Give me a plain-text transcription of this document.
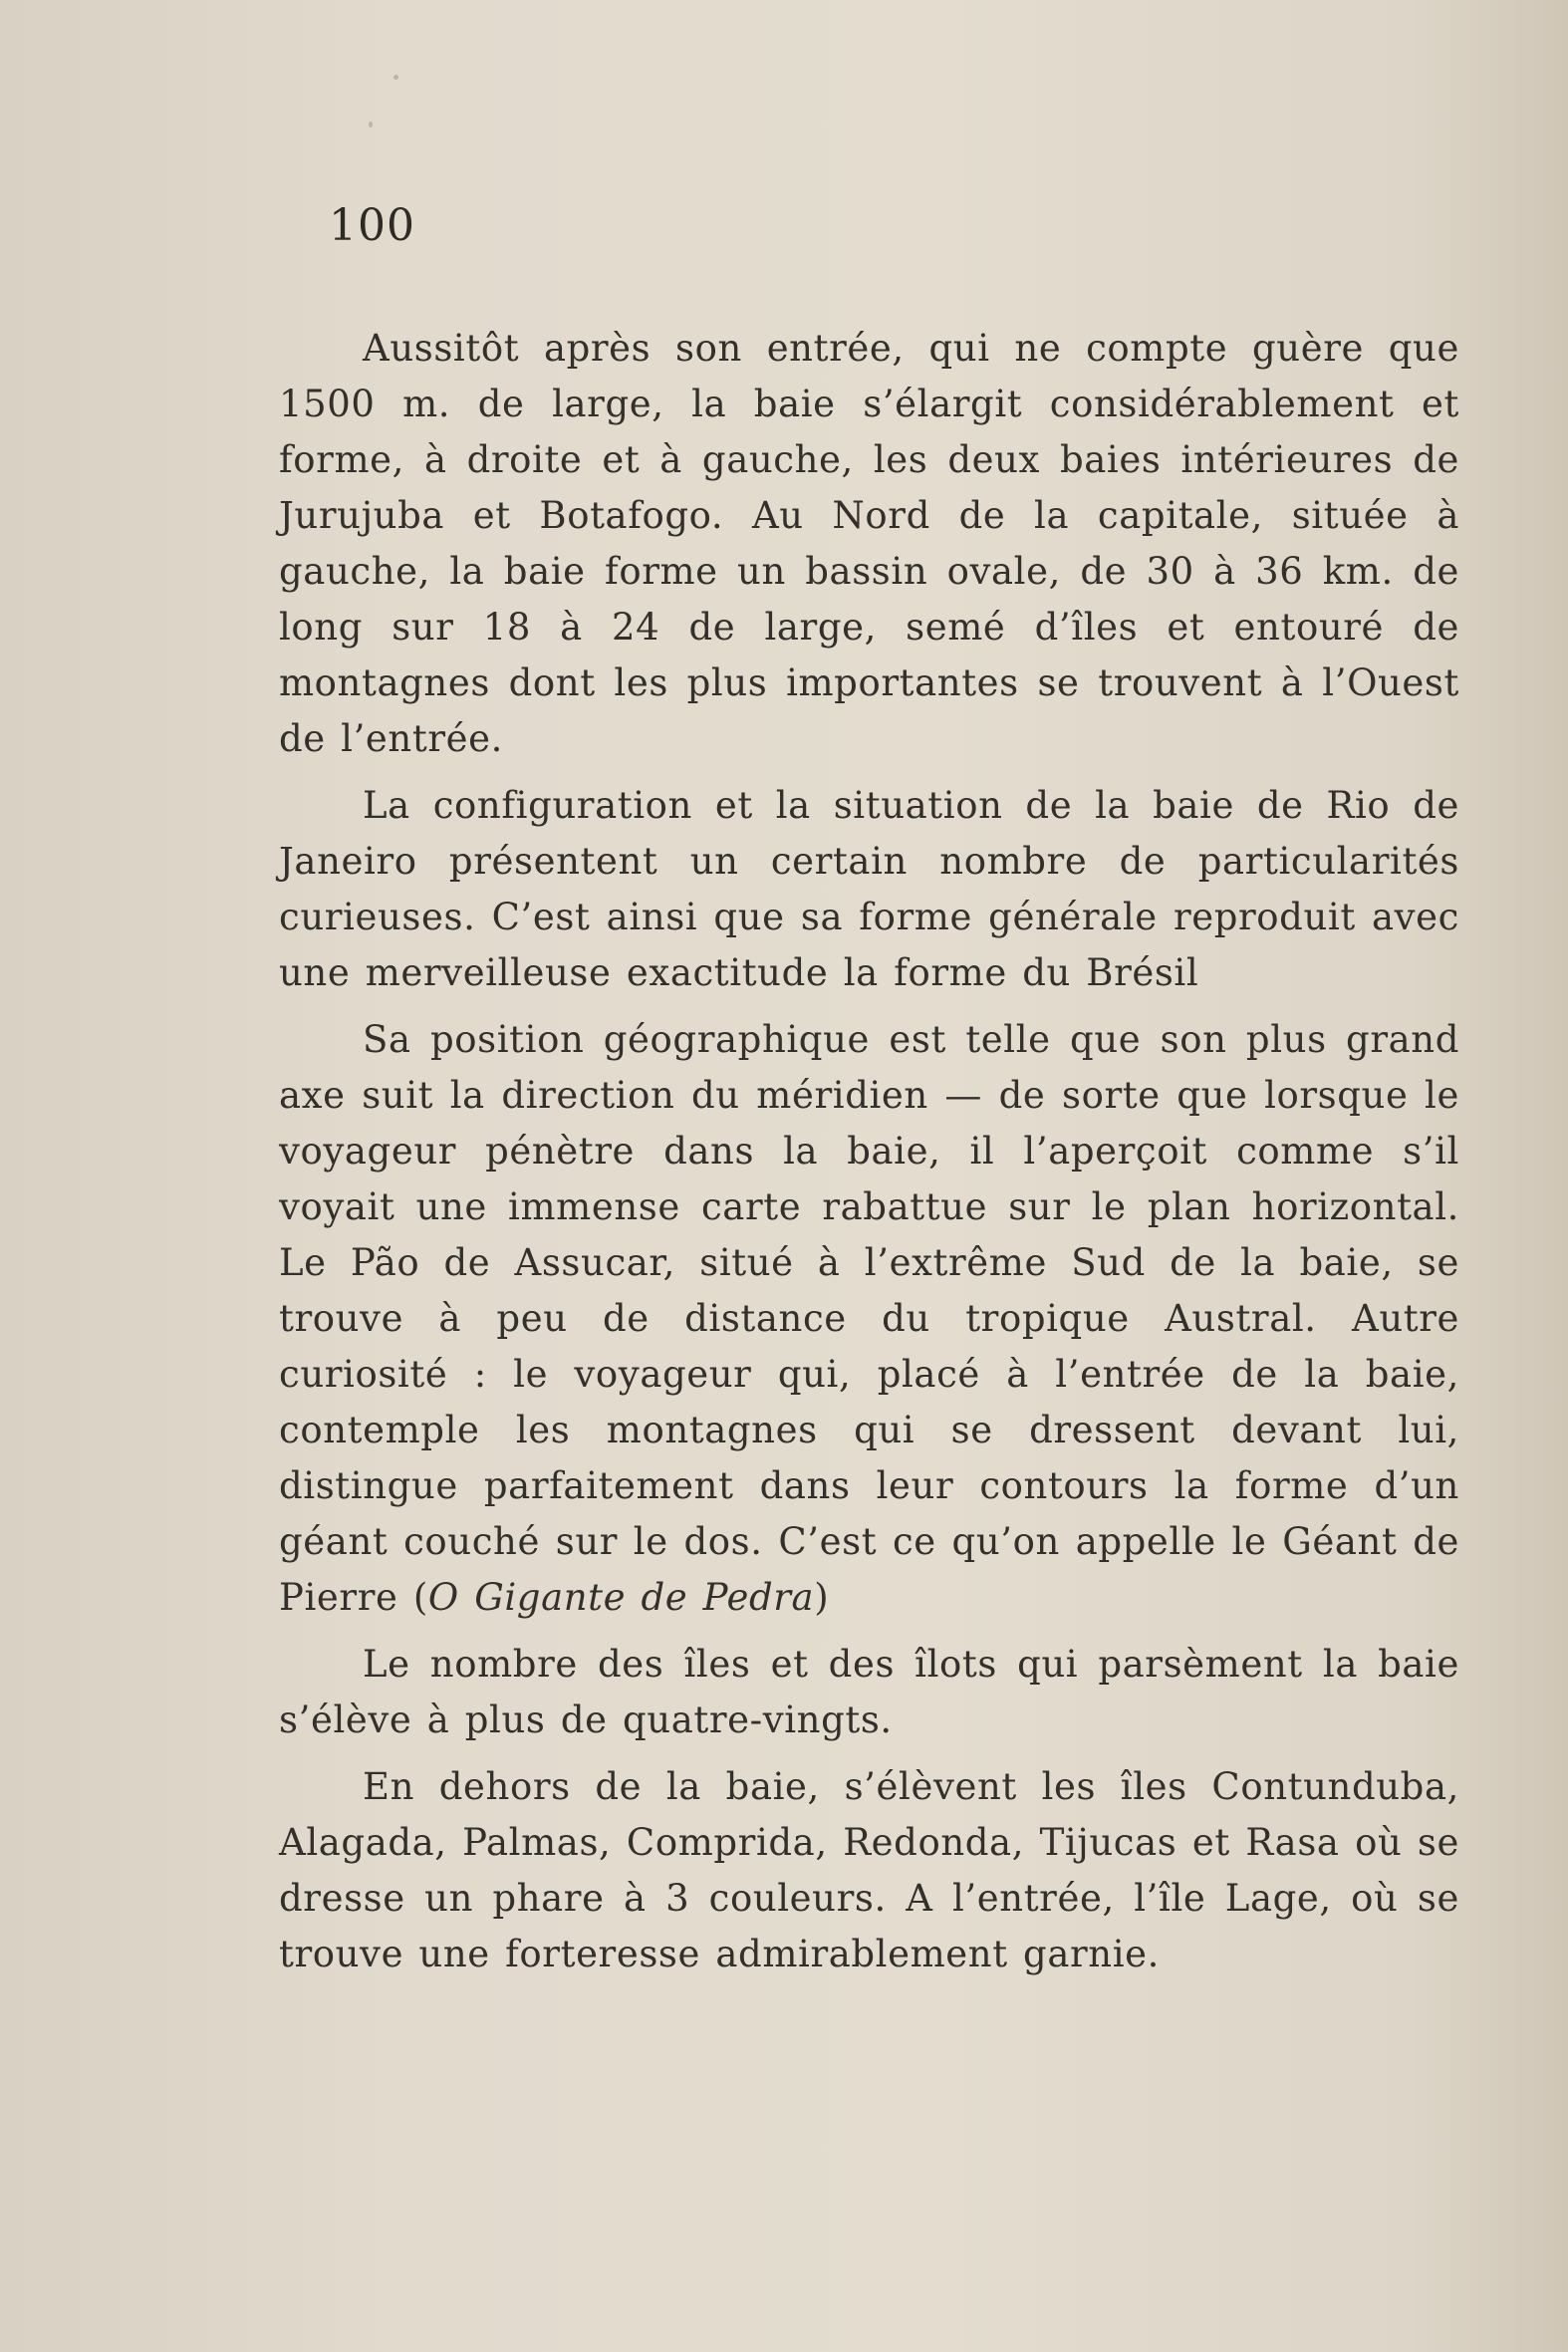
100

Aussitôt après son entrée, qui ne compte guère que 1500 m. de large, la baie s’élargit considérablement et forme, à droite et à gauche, les deux baies intérieures de Jurujuba et Botafogo. Au Nord de la capitale, située à gauche, la baie forme un bassin ovale, de 30 à 36 km. de long sur 18 à 24 de large, semé d’îles et entouré de montagnes dont les plus importantes se trouvent à l’Ouest de l’entrée.

La configuration et la situation de la baie de Rio de Janeiro présentent un certain nombre de particularités curieuses. C’est ainsi que sa forme générale reproduit avec une merveilleuse exactitude la forme du Brésil

Sa position géographique est telle que son plus grand axe suit la direction du méridien — de sorte que lorsque le voyageur pénètre dans la baie, il l’aperçoit comme s’il voyait une immense carte rabattue sur le plan horizontal. Le Pão de Assucar, situé à l’extrême Sud de la baie, se trouve à peu de distance du tropique Austral. Autre curiosité : le voyageur qui, placé à l’entrée de la baie, contemple les montagnes qui se dressent devant lui, distingue parfaitement dans leur contours la forme d’un géant couché sur le dos. C’est ce qu’on appelle le Géant de Pierre (O Gigante de Pedra)

Le nombre des îles et des îlots qui parsèment la baie s’élève à plus de quatre-vingts.

En dehors de la baie, s’élèvent les îles Contunduba, Alagada, Palmas, Comprida, Redonda, Tijucas et Rasa où se dresse un phare à 3 couleurs. A l’entrée, l’île Lage, où se trouve une forteresse admirablement garnie.
